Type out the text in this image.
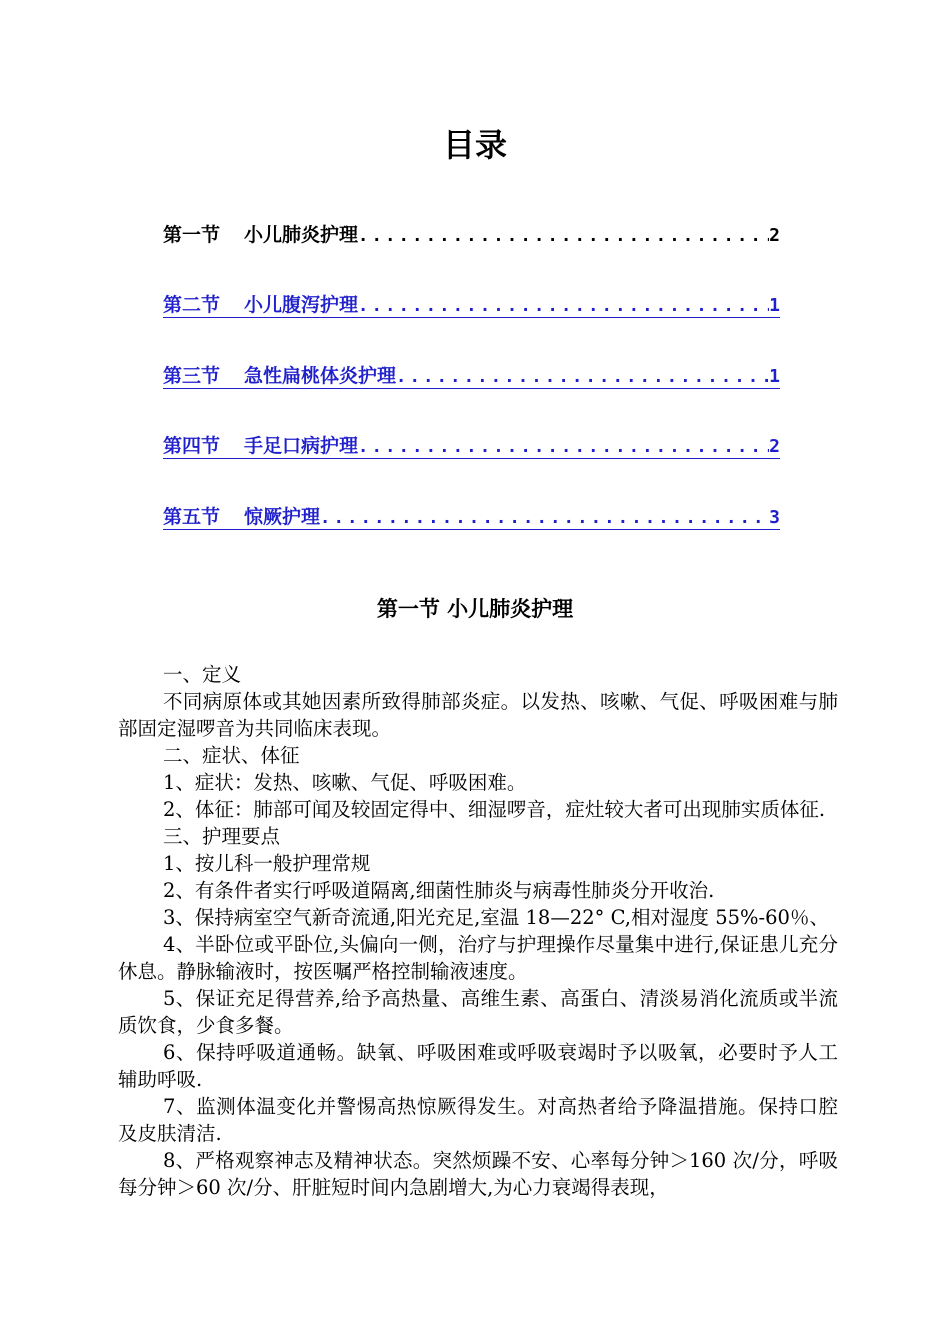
目录
第一节 小儿肺炎护理 .....	2
第二节 小儿腹泻护理 .....	1
第三节 急性扁桃体炎护理 .....	1
第四节 手足口病护理 .....	2
第五节 惊厥护理 .....	3
第一节 小儿肺炎护理

一、定义

不同病原体或其她因素所致得肺部炎症。以发热、咳嗽、气促、呼吸困难与肺部固定湿啰音为共同临床表现。

二、症状、体征

1、症状：发热、咳嗽、气促、呼吸困难。

2、体征：肺部可闻及较固定得中、细湿啰音，症灶较大者可出现肺实质体征.

三、护理要点

1、按儿科一般护理常规

2、有条件者实行呼吸道隔离,细菌性肺炎与病毒性肺炎分开收治.

3、保持病室空气新奇流通,阳光充足,室温 18—22° C,相对湿度 55%-60％、

4、半卧位或平卧位,头偏向一侧，治疗与护理操作尽量集中进行,保证患儿充分休息。静脉输液时，按医嘱严格控制输液速度。

5、保证充足得营养,给予高热量、高维生素、高蛋白、清淡易消化流质或半流质饮食，少食多餐。

6、保持呼吸道通畅。缺氧、呼吸困难或呼吸衰竭时予以吸氧，必要时予人工辅助呼吸.

7、监测体温变化并警惕高热惊厥得发生。对高热者给予降温措施。保持口腔及皮肤清洁.

8、严格观察神志及精神状态。突然烦躁不安、心率每分钟＞160 次/分，呼吸每分钟＞60 次/分、肝脏短时间内急剧增大,为心力衰竭得表现，
